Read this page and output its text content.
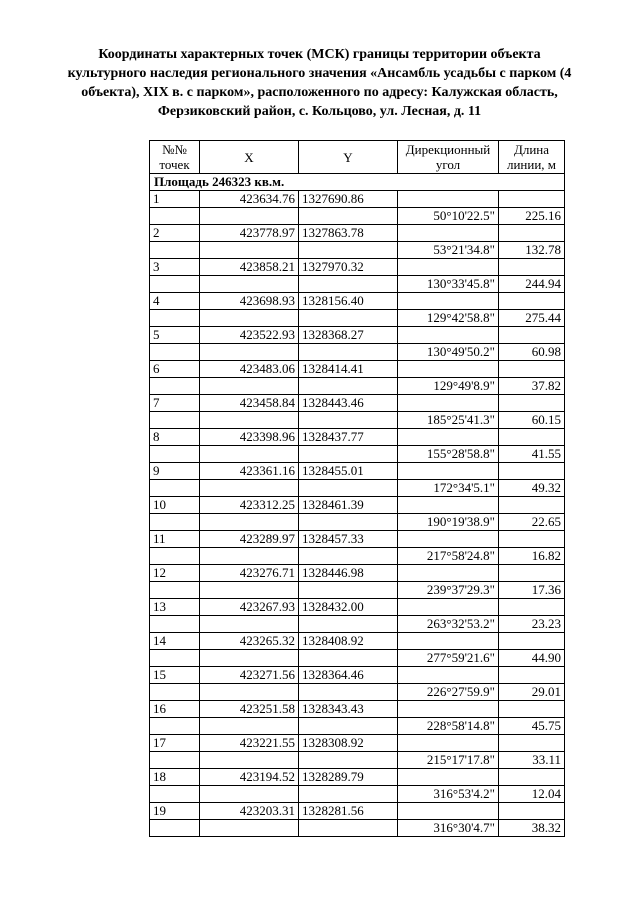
Координаты характерных точек (МСК) границы территории объекта
культурного наследия регионального значения «Ансамбль усадьбы с парком (4
объекта), XIX в. с парком», расположенного по адресу: Калужская область,
Ферзиковский район, с. Кольцово, ул. Лесная, д. 11
№№ точек	X	Y	Дирекционный угол	Длина линии, м
Площадь 246323 кв.м.				
1	423634.76	1327690.86		
			50°10'22.5"	225.16
2	423778.97	1327863.78		
			53°21'34.8"	132.78
3	423858.21	1327970.32		
			130°33'45.8"	244.94
4	423698.93	1328156.40		
			129°42'58.8"	275.44
5	423522.93	1328368.27		
			130°49'50.2"	60.98
6	423483.06	1328414.41		
			129°49'8.9"	37.82
7	423458.84	1328443.46		
			185°25'41.3"	60.15
8	423398.96	1328437.77		
			155°28'58.8"	41.55
9	423361.16	1328455.01		
			172°34'5.1"	49.32
10	423312.25	1328461.39		
			190°19'38.9"	22.65
11	423289.97	1328457.33		
			217°58'24.8"	16.82
12	423276.71	1328446.98		
			239°37'29.3"	17.36
13	423267.93	1328432.00		
			263°32'53.2"	23.23
14	423265.32	1328408.92		
			277°59'21.6"	44.90
15	423271.56	1328364.46		
			226°27'59.9"	29.01
16	423251.58	1328343.43		
			228°58'14.8"	45.75
17	423221.55	1328308.92		
			215°17'17.8"	33.11
18	423194.52	1328289.79		
			316°53'4.2"	12.04
19	423203.31	1328281.56		
			316°30'4.7"	38.32
